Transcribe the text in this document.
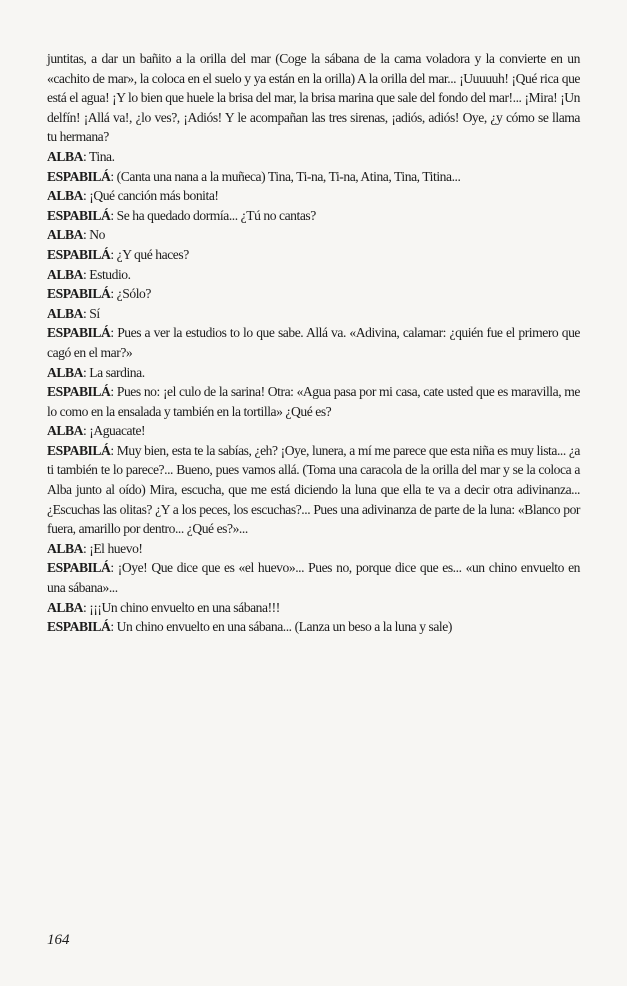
juntitas, a dar un bañito a la orilla del mar (Coge la sábana de la cama voladora y la convierte en un «cachito de mar», la coloca en el suelo y ya están en la orilla) A la orilla del mar... ¡Uuuuuh! ¡Qué rica que está el agua! ¡Y lo bien que huele la brisa del mar, la brisa marina que sale del fondo del mar!... ¡Mira! ¡Un delfín! ¡Allá va!, ¿lo ves?, ¡Adiós! Y le acompañan las tres sirenas, ¡adiós, adiós! Oye, ¿y cómo se llama tu hermana?

ALBA: Tina.

ESPABILÁ: (Canta una nana a la muñeca) Tina, Ti-na, Ti-na, Atina, Tina, Titina...

ALBA: ¡Qué canción más bonita!

ESPABILÁ: Se ha quedado dormía... ¿Tú no cantas?

ALBA: No

ESPABILÁ: ¿Y qué haces?

ALBA: Estudio.

ESPABILÁ: ¿Sólo?

ALBA: Sí

ESPABILÁ: Pues a ver la estudios to lo que sabe. Allá va. «Adivina, calamar: ¿quién fue el primero que cagó en el mar?»

ALBA: La sardina.

ESPABILÁ: Pues no: ¡el culo de la sarina! Otra: «Agua pasa por mi casa, cate usted que es maravilla, me lo como en la ensalada y también en la tortilla» ¿Qué es?

ALBA: ¡Aguacate!

ESPABILÁ: Muy bien, esta te la sabías, ¿eh? ¡Oye, lunera, a mí me parece que esta niña es muy lista... ¿a ti también te lo parece?... Bueno, pues vamos allá. (Toma una caracola de la orilla del mar y se la coloca a Alba junto al oído) Mira, escucha, que me está diciendo la luna que ella te va a decir otra adivinanza... ¿Escuchas las olitas? ¿Y a los peces, los escuchas?... Pues una adivinanza de parte de la luna: «Blanco por fuera, amarillo por dentro... ¿Qué es?»...

ALBA: ¡El huevo!

ESPABILÁ: ¡Oye! Que dice que es «el huevo»... Pues no, porque dice que es... «un chino envuelto en una sábana»...

ALBA: ¡¡¡Un chino envuelto en una sábana!!!

ESPABILÁ: Un chino envuelto en una sábana... (Lanza un beso a la luna y sale)

164
